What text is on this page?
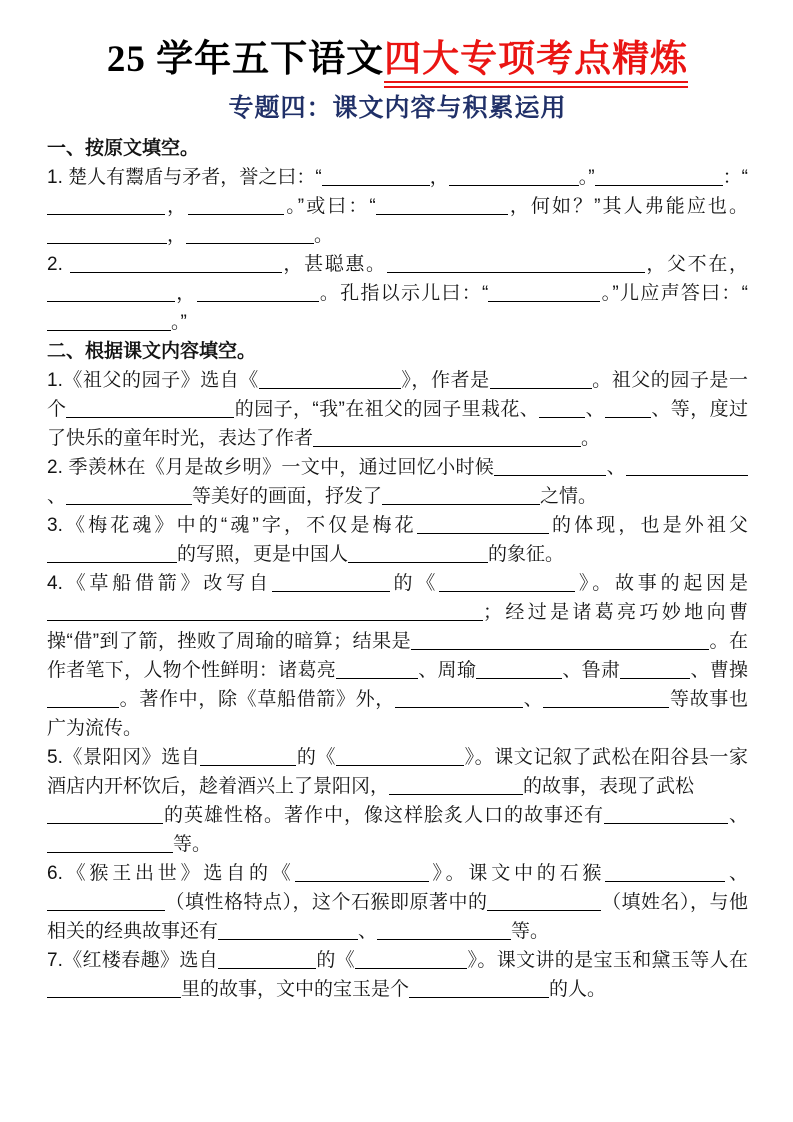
25 学年五下语文四大专项考点精炼
专题四：课文内容与积累运用

一、按原文填空。

1. 楚人有鬻盾与矛者，誉之曰：“	，	。”	：“，	。”或曰：“	，何如？”其人弗能应也。，	。

2.	，甚聪惠。	，父不在，，	。孔指以示儿曰：“	。”儿应声答曰：“。”

二、根据课文内容填空。

1.《祖父的园子》选自《	》，作者是	。祖父的园子是一个	的园子，“我”在祖父的园子里栽花、 、 、等，度过了快乐的童年时光，表达了作者	。

2. 季羡林在《月是故乡明》一文中，通过回忆小时候	、、	等美好的画面，抒发了	之情。

3.《梅花魂》中的“魂”字，不仅是梅花	的体现，也是外祖父的写照，更是中国人	的象征。

4.《草船借箭》改写自	的《	》。故事的起因是；经过是诸葛亮巧妙地向曹操“借”到了箭，挫败了周瑜的暗算；结果是	。在作者笔下，人物个性鲜明：诸葛亮	、周瑜	、鲁肃	、曹操。著作中，除《草船借箭》外，	、	等故事也广为流传。

5.《景阳冈》选自	的《	》。课文记叙了武松在阳谷县一家酒店内开杯饮后，趁着酒兴上了景阳冈，	的故事，表现了武松
的英雄性格。著作中，像这样脍炙人口的故事还有	、等。

6.《猴王出世》选自的《	》。课文中的石猴	、（填性格特点），这个石猴即原著中的	（填姓名），与他相关的经典故事还有	、	等。

7.《红楼春趣》选自	的《	》。课文讲的是宝玉和黛玉等人在里的故事，文中的宝玉是个	的人。
